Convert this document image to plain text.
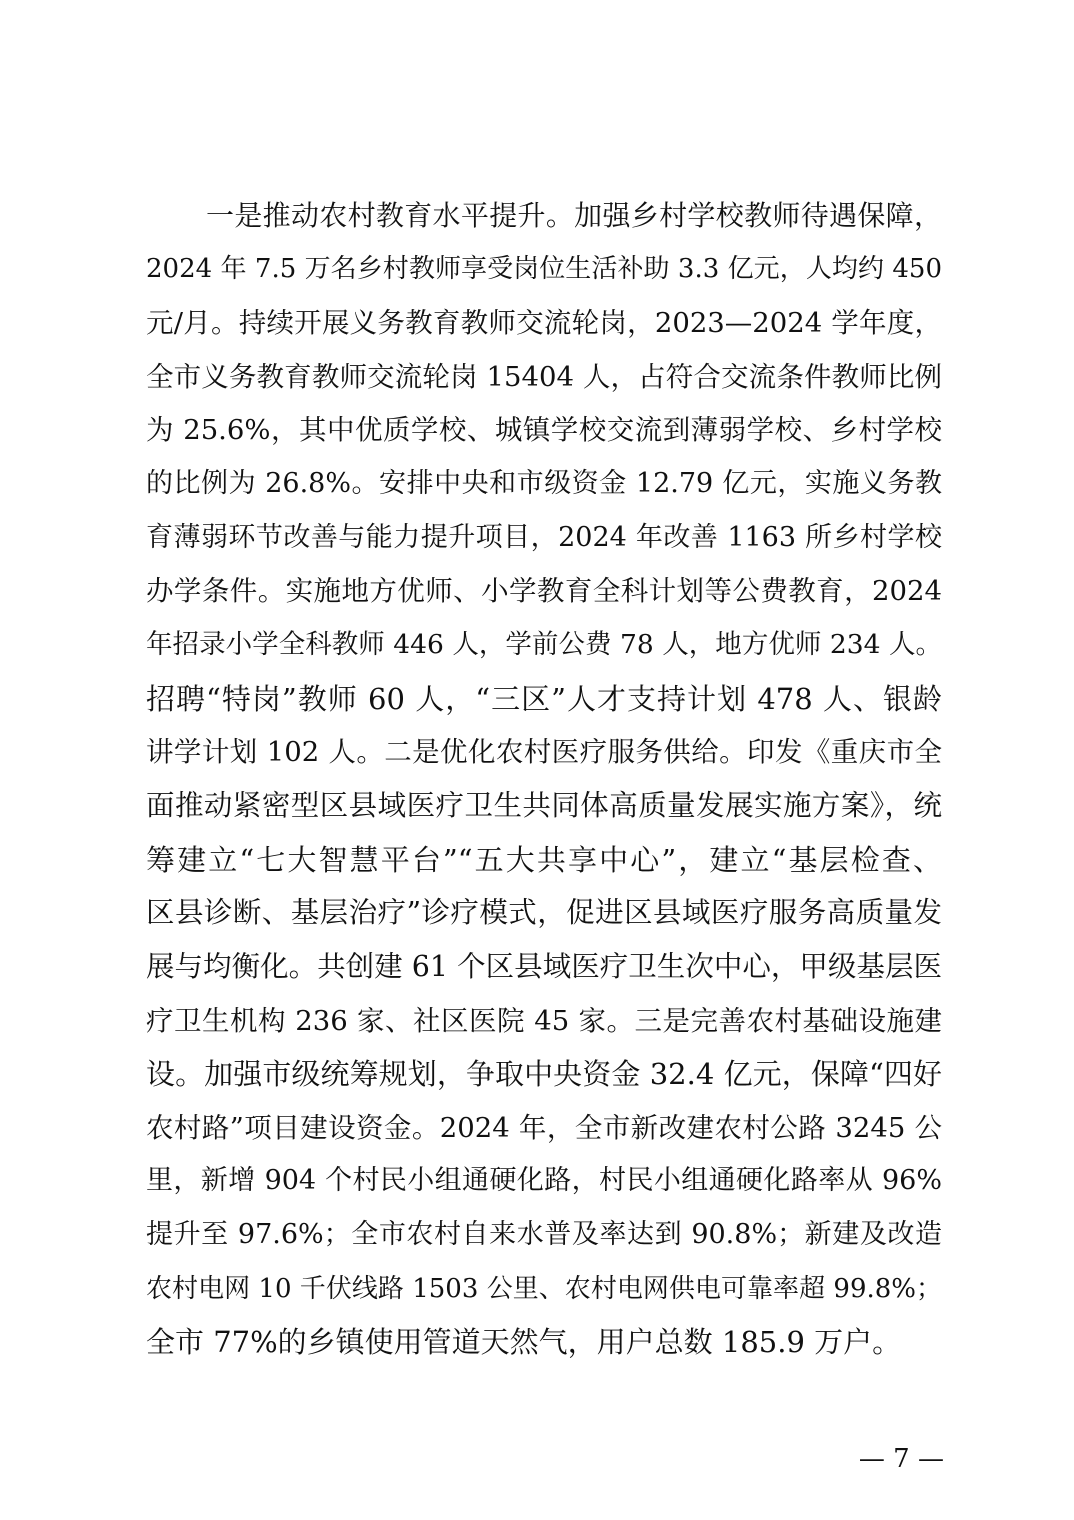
一是推动农村教育水平提升。加强乡村学校教师待遇保障，
2024 年 7.5 万名乡村教师享受岗位生活补助 3.3 亿元，人均约 450
元/月。持续开展义务教育教师交流轮岗，2023—2024 学年度，
全市义务教育教师交流轮岗 15404 人，占符合交流条件教师比例
为 25.6%，其中优质学校、城镇学校交流到薄弱学校、乡村学校
的比例为 26.8%。安排中央和市级资金 12.79 亿元，实施义务教
育薄弱环节改善与能力提升项目，2024 年改善 1163 所乡村学校
办学条件。实施地方优师、小学教育全科计划等公费教育，2024
年招录小学全科教师 446 人，学前公费 78 人，地方优师 234 人。
招聘“特岗”教师 60 人，“三区”人才支持计划 478 人、银龄
讲学计划 102 人。二是优化农村医疗服务供给。印发《重庆市全
面推动紧密型区县域医疗卫生共同体高质量发展实施方案》，统
筹建立“七大智慧平台”“五大共享中心”，建立“基层检查、
区县诊断、基层治疗”诊疗模式，促进区县域医疗服务高质量发
展与均衡化。共创建 61 个区县域医疗卫生次中心，甲级基层医
疗卫生机构 236 家、社区医院 45 家。三是完善农村基础设施建
设。加强市级统筹规划，争取中央资金 32.4 亿元，保障“四好
农村路”项目建设资金。2024 年，全市新改建农村公路 3245 公
里，新增 904 个村民小组通硬化路，村民小组通硬化路率从 96%
提升至 97.6%；全市农村自来水普及率达到 90.8%；新建及改造
农村电网 10 千伏线路 1503 公里、农村电网供电可靠率超 99.8%；
全市 77%的乡镇使用管道天然气，用户总数 185.9 万户。
— 7 —
